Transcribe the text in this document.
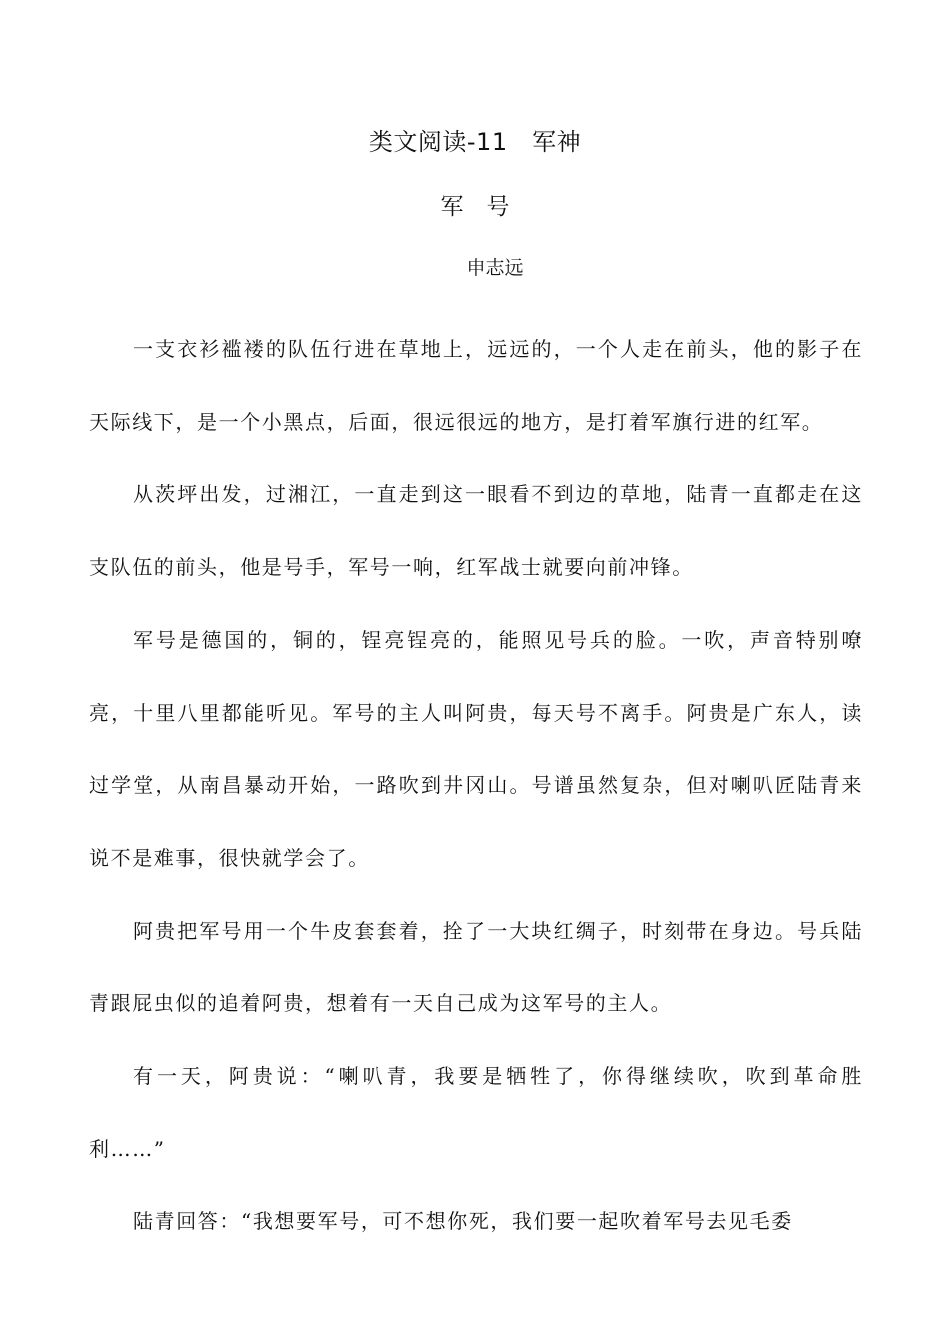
类文阅读-11　军神
军　号
申志远

一支衣衫褴褛的队伍行进在草地上，远远的，一个人走在前头，他的影子在天际线下，是一个小黑点，后面，很远很远的地方，是打着军旗行进的红军。

从茨坪出发，过湘江，一直走到这一眼看不到边的草地，陆青一直都走在这支队伍的前头，他是号手，军号一响，红军战士就要向前冲锋。

军号是德国的，铜的，锃亮锃亮的，能照见号兵的脸。一吹，声音特别嘹亮，十里八里都能听见。军号的主人叫阿贵，每天号不离手。阿贵是广东人，读过学堂，从南昌暴动开始，一路吹到井冈山。号谱虽然复杂，但对喇叭匠陆青来说不是难事，很快就学会了。

阿贵把军号用一个牛皮套套着，拴了一大块红绸子，时刻带在身边。号兵陆青跟屁虫似的追着阿贵，想着有一天自己成为这军号的主人。

有一天，阿贵说：“喇叭青，我要是牺牲了，你得继续吹，吹到革命胜利……”

陆青回答：“我想要军号，可不想你死，我们要一起吹着军号去见毛委
